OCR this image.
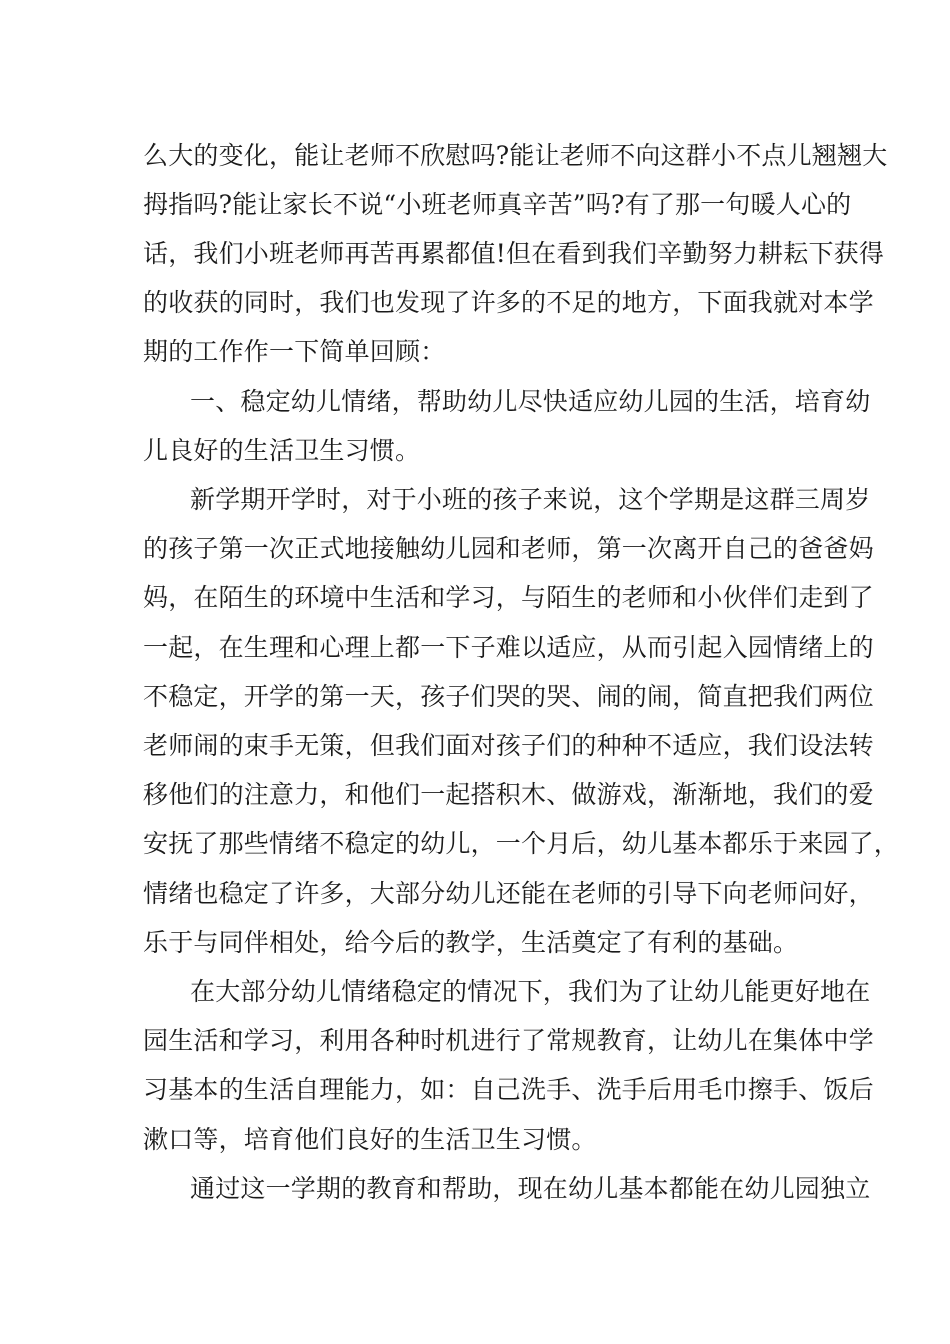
么大的变化，能让老师不欣慰吗?能让老师不向这群小不点儿翘翘大
拇指吗?能让家长不说“小班老师真辛苦”吗?有了那一句暖人心的
话，我们小班老师再苦再累都值!但在看到我们辛勤努力耕耘下获得
的收获的同时，我们也发现了许多的不足的地方，下面我就对本学
期的工作作一下简单回顾：
一、稳定幼儿情绪，帮助幼儿尽快适应幼儿园的生活，培育幼
儿良好的生活卫生习惯。
新学期开学时，对于小班的孩子来说，这个学期是这群三周岁
的孩子第一次正式地接触幼儿园和老师，第一次离开自己的爸爸妈
妈，在陌生的环境中生活和学习，与陌生的老师和小伙伴们走到了
一起，在生理和心理上都一下子难以适应，从而引起入园情绪上的
不稳定，开学的第一天，孩子们哭的哭、闹的闹，简直把我们两位
老师闹的束手无策，但我们面对孩子们的种种不适应，我们设法转
移他们的注意力，和他们一起搭积木、做游戏，渐渐地，我们的爱
安抚了那些情绪不稳定的幼儿，一个月后，幼儿基本都乐于来园了，
情绪也稳定了许多，大部分幼儿还能在老师的引导下向老师问好，
乐于与同伴相处，给今后的教学，生活奠定了有利的基础。
在大部分幼儿情绪稳定的情况下，我们为了让幼儿能更好地在
园生活和学习，利用各种时机进行了常规教育，让幼儿在集体中学
习基本的生活自理能力，如：自己洗手、洗手后用毛巾擦手、饭后
漱口等，培育他们良好的生活卫生习惯。
通过这一学期的教育和帮助，现在幼儿基本都能在幼儿园独立
